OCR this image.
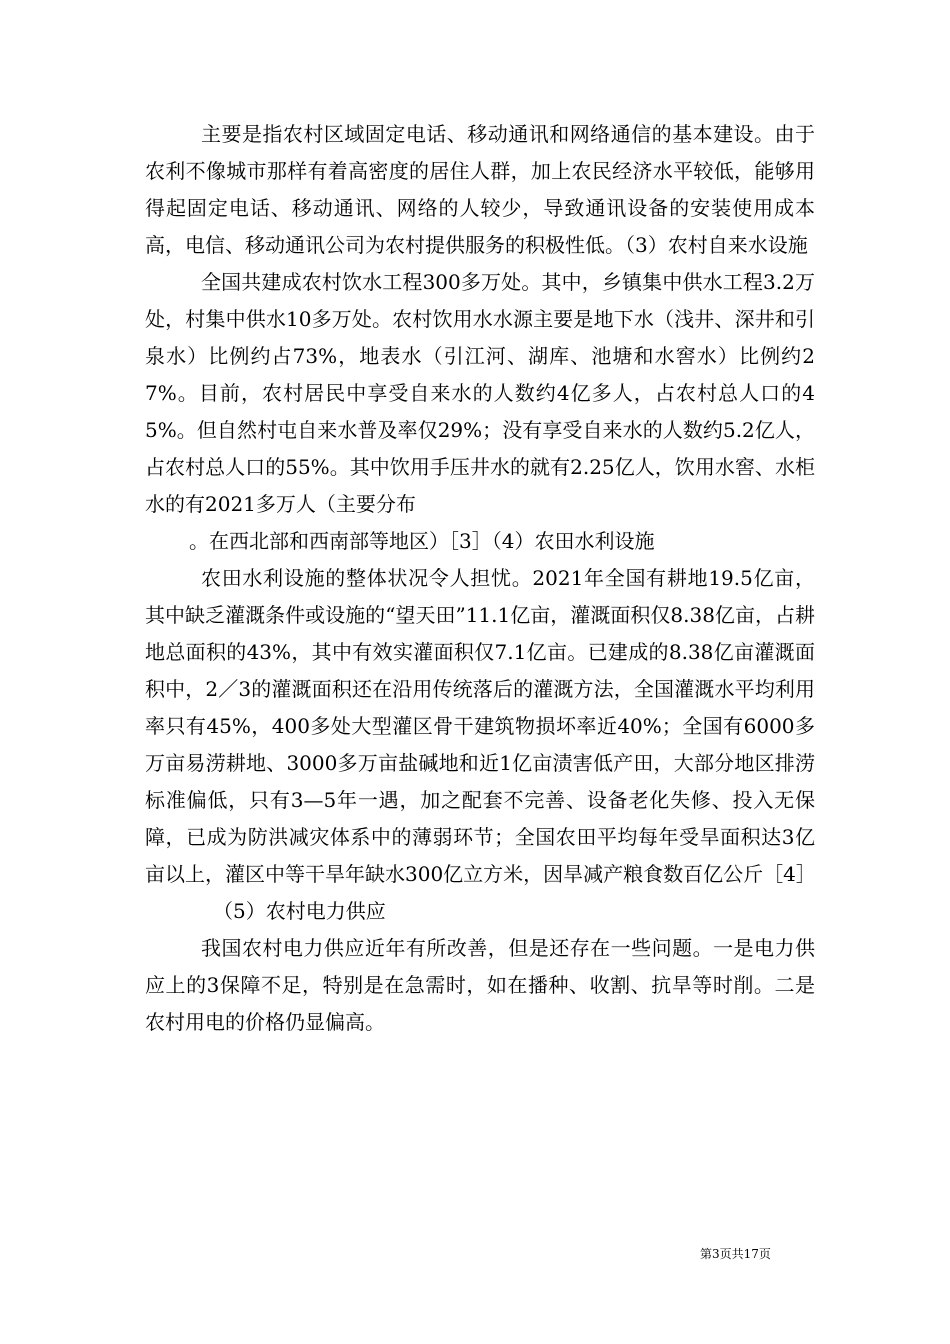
主要是指农村区域固定电话、移动通讯和网络通信的基本建设。由于农利不像城市那样有着高密度的居住人群，加上农民经济水平较低，能够用得起固定电话、移动通讯、网络的人较少，导致通讯设备的安装使用成本高，电信、移动通讯公司为农村提供服务的积极性低。（3）农村自来水设施

全国共建成农村饮水工程300多万处。其中，乡镇集中供水工程3.2万处，村集中供水10多万处。农村饮用水水源主要是地下水（浅井、深井和引泉水）比例约占73%，地表水（引江河、湖库、池塘和水窖水）比例约27%。目前，农村居民中享受自来水的人数约4亿多人，占农村总人口的45%。但自然村屯自来水普及率仅29%；没有享受自来水的人数约5.2亿人，占农村总人口的55%。其中饮用手压井水的就有2.25亿人，饮用水窖、水柜水的有2021多万人（主要分布

。在西北部和西南部等地区）［3］（4）农田水利设施

农田水利设施的整体状况令人担忧。2021年全国有耕地19.5亿亩，其中缺乏灌溉条件或设施的“望天田”11.1亿亩，灌溉面积仅8.38亿亩，占耕地总面积的43%，其中有效实灌面积仅7.1亿亩。已建成的8.38亿亩灌溉面积中，2／3的灌溉面积还在沿用传统落后的灌溉方法，全国灌溉水平均利用率只有45%，400多处大型灌区骨干建筑物损坏率近40%；全国有6000多万亩易涝耕地、3000多万亩盐碱地和近1亿亩渍害低产田，大部分地区排涝标准偏低，只有3—5年一遇，加之配套不完善、设备老化失修、投入无保障，已成为防洪减灾体系中的薄弱环节；全国农田平均每年受旱面积达3亿亩以上，灌区中等干旱年缺水300亿立方米，因旱减产粮食数百亿公斤［4］

（5）农村电力供应

我国农村电力供应近年有所改善，但是还存在一些问题。一是电力供应上的3保障不足，特别是在急需时，如在播种、收割、抗旱等时削。二是农村用电的价格仍显偏高。

第3页共17页
